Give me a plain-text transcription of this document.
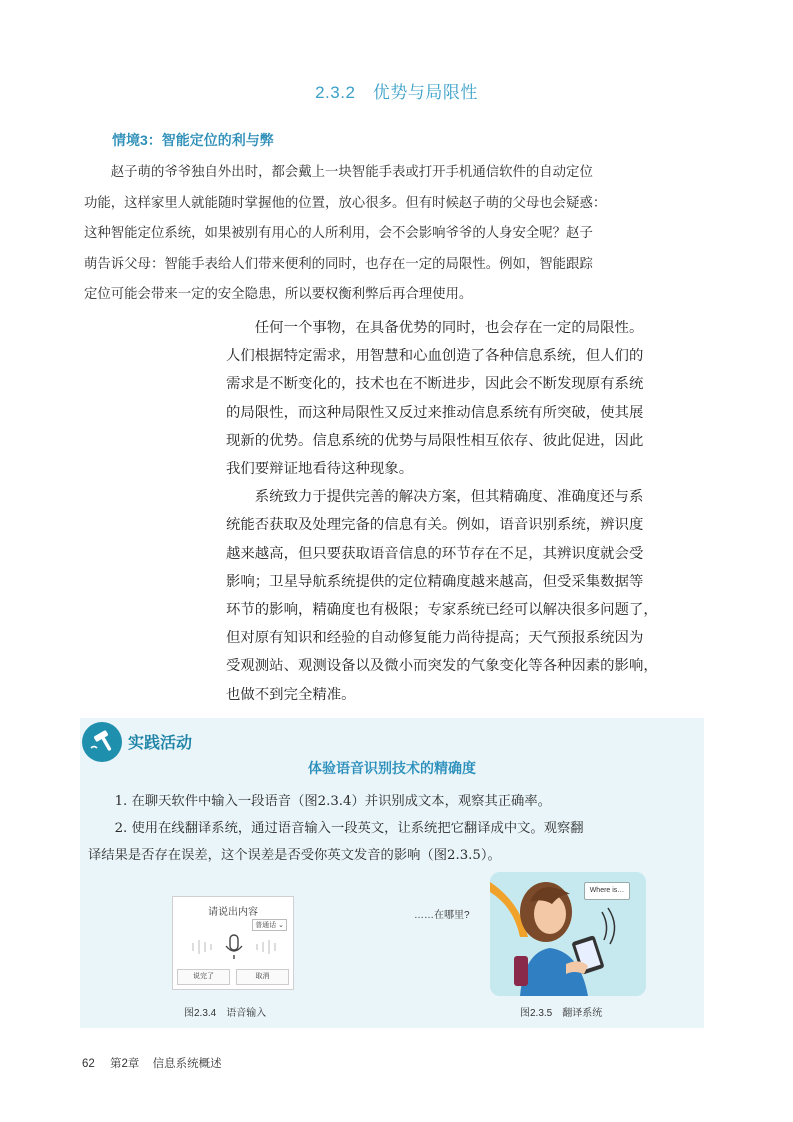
2.3.2　优势与局限性
情境3：智能定位的利与弊
　　赵子萌的爷爷独自外出时，都会戴上一块智能手表或打开手机通信软件的自动定位
功能，这样家里人就能随时掌握他的位置，放心很多。但有时候赵子萌的父母也会疑惑：
这种智能定位系统，如果被别有用心的人所利用，会不会影响爷爷的人身安全呢？赵子
萌告诉父母：智能手表给人们带来便利的同时，也存在一定的局限性。例如，智能跟踪
定位可能会带来一定的安全隐患，所以要权衡利弊后再合理使用。
　　任何一个事物，在具备优势的同时，也会存在一定的局限性。
人们根据特定需求，用智慧和心血创造了各种信息系统，但人们的
需求是不断变化的，技术也在不断进步，因此会不断发现原有系统
的局限性，而这种局限性又反过来推动信息系统有所突破，使其展
现新的优势。信息系统的优势与局限性相互依存、彼此促进，因此
我们要辩证地看待这种现象。
　　系统致力于提供完善的解决方案，但其精确度、准确度还与系
统能否获取及处理完备的信息有关。例如，语音识别系统，辨识度
越来越高，但只要获取语音信息的环节存在不足，其辨识度就会受
影响；卫星导航系统提供的定位精确度越来越高，但受采集数据等
环节的影响，精确度也有极限；专家系统已经可以解决很多问题了，
但对原有知识和经验的自动修复能力尚待提高；天气预报系统因为
受观测站、观测设备以及微小而突发的气象变化等各种因素的影响，
也做不到完全精准。
实践活动
体验语音识别技术的精确度
　　1. 在聊天软件中输入一段语音（图2.3.4）并识别成文本，观察其正确率。
　　2. 使用在线翻译系统，通过语音输入一段英文，让系统把它翻译成中文。观察翻
译结果是否存在误差，这个误差是否受你英文发音的影响（图2.3.5）。
请说出内容
普通话 ⌄
说完了	取消
……在哪里?
Where is…
图2.3.4　语音输入	图2.3.5　翻译系统
62 第2章 信息系统概述
